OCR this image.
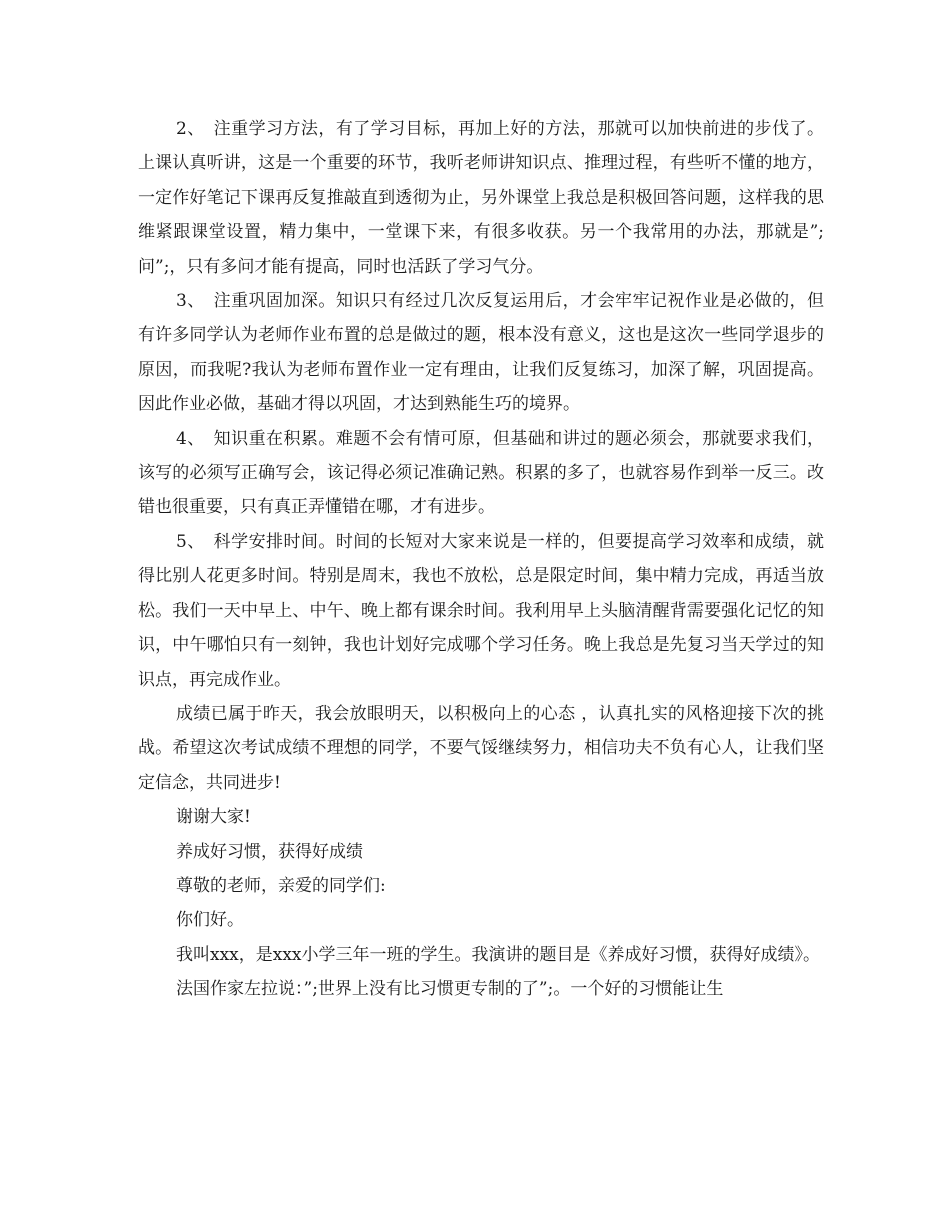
2、　注重学习方法，有了学习目标，再加上好的方法，那就可以加快前进的步伐了。上课认真听讲，这是一个重要的环节，我听老师讲知识点、推理过程，有些听不懂的地方，一定作好笔记下课再反复推敲直到透彻为止，另外课堂上我总是积极回答问题，这样我的思维紧跟课堂设置，精力集中，一堂课下来，有很多收获。另一个我常用的办法，那就是”;问”;，只有多问才能有提高，同时也活跃了学习气分。

3、　注重巩固加深。知识只有经过几次反复运用后，才会牢牢记祝作业是必做的，但有许多同学认为老师作业布置的总是做过的题，根本没有意义，这也是这次一些同学退步的原因，而我呢?我认为老师布置作业一定有理由，让我们反复练习，加深了解，巩固提高。因此作业必做，基础才得以巩固，才达到熟能生巧的境界。

4、　知识重在积累。难题不会有情可原，但基础和讲过的题必须会，那就要求我们，该写的必须写正确写会，该记得必须记准确记熟。积累的多了，也就容易作到举一反三。改错也很重要，只有真正弄懂错在哪，才有进步。

5、　科学安排时间。时间的长短对大家来说是一样的，但要提高学习效率和成绩，就得比别人花更多时间。特别是周末，我也不放松，总是限定时间，集中精力完成，再适当放松。我们一天中早上、中午、晚上都有课余时间。我利用早上头脑清醒背需要强化记忆的知识，中午哪怕只有一刻钟，我也计划好完成哪个学习任务。晚上我总是先复习当天学过的知识点，再完成作业。

成绩已属于昨天，我会放眼明天，以积极向上的心态 ，认真扎实的风格迎接下次的挑战。希望这次考试成绩不理想的同学，不要气馁继续努力，相信功夫不负有心人，让我们坚定信念，共同进步!

谢谢大家!

养成好习惯，获得好成绩

尊敬的老师，亲爱的同学们:

你们好。

我叫xxx，是xxx小学三年一班的学生。我演讲的题目是《养成好习惯，获得好成绩》。

法国作家左拉说：”;世界上没有比习惯更专制的了”;。一个好的习惯能让生
